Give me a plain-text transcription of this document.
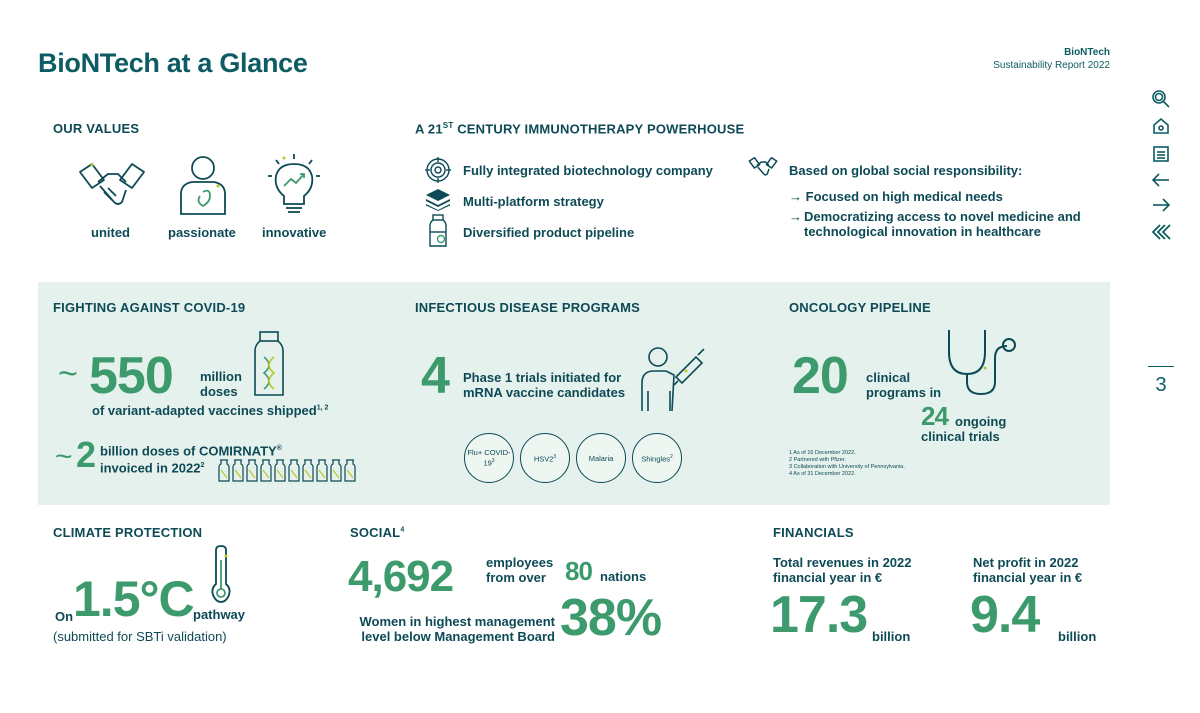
BioNTech at a Glance	BioNTech
Sustainability Report 2022
3
OUR VALUES
united	passionate innovative
A 21ST CENTURY IMMUNOTHERAPY POWERHOUSE
Fully integrated biotechnology company
Multi-platform strategy
Diversified product pipeline
Based on global social responsibility:
→ Focused on high medical needs
→ Democratizing access to novel medicine and technological innovation in healthcare
FIGHTING AGAINST COVID-19
~ 550 million doses
of variant-adapted vaccines shipped$^{1, 2}$
~ 2 billion doses of COMIRNATY®
invoiced in 2022$^2$
INFECTIOUS DISEASE PROGRAMS
4 Phase 1 trials initiated for mRNA vaccine candidates
Flu+ COVID-$19^3$	$HSV2^3$	Malaria	Shingles$^2$
ONCOLOGY PIPELINE
20 clinical programs in
24 ongoing clinical trials
1 As of 16 December 2022.
2 Partnered with Pfizer.
3 Collaboration with University of Pennsylvania.
4 As of 31 December 2022.
CLIMATE PROTECTION
On 1.5°C pathway
(submitted for SBTi validation)
SOCIAL$^4$
4,692	employees from over 80 nations
Women in highest management level below Management Board 38%
FINANCIALS
Total revenues in 2022 financial year in €
17.3 billion
Net profit in 2022 financial year in €
9.4 billion
